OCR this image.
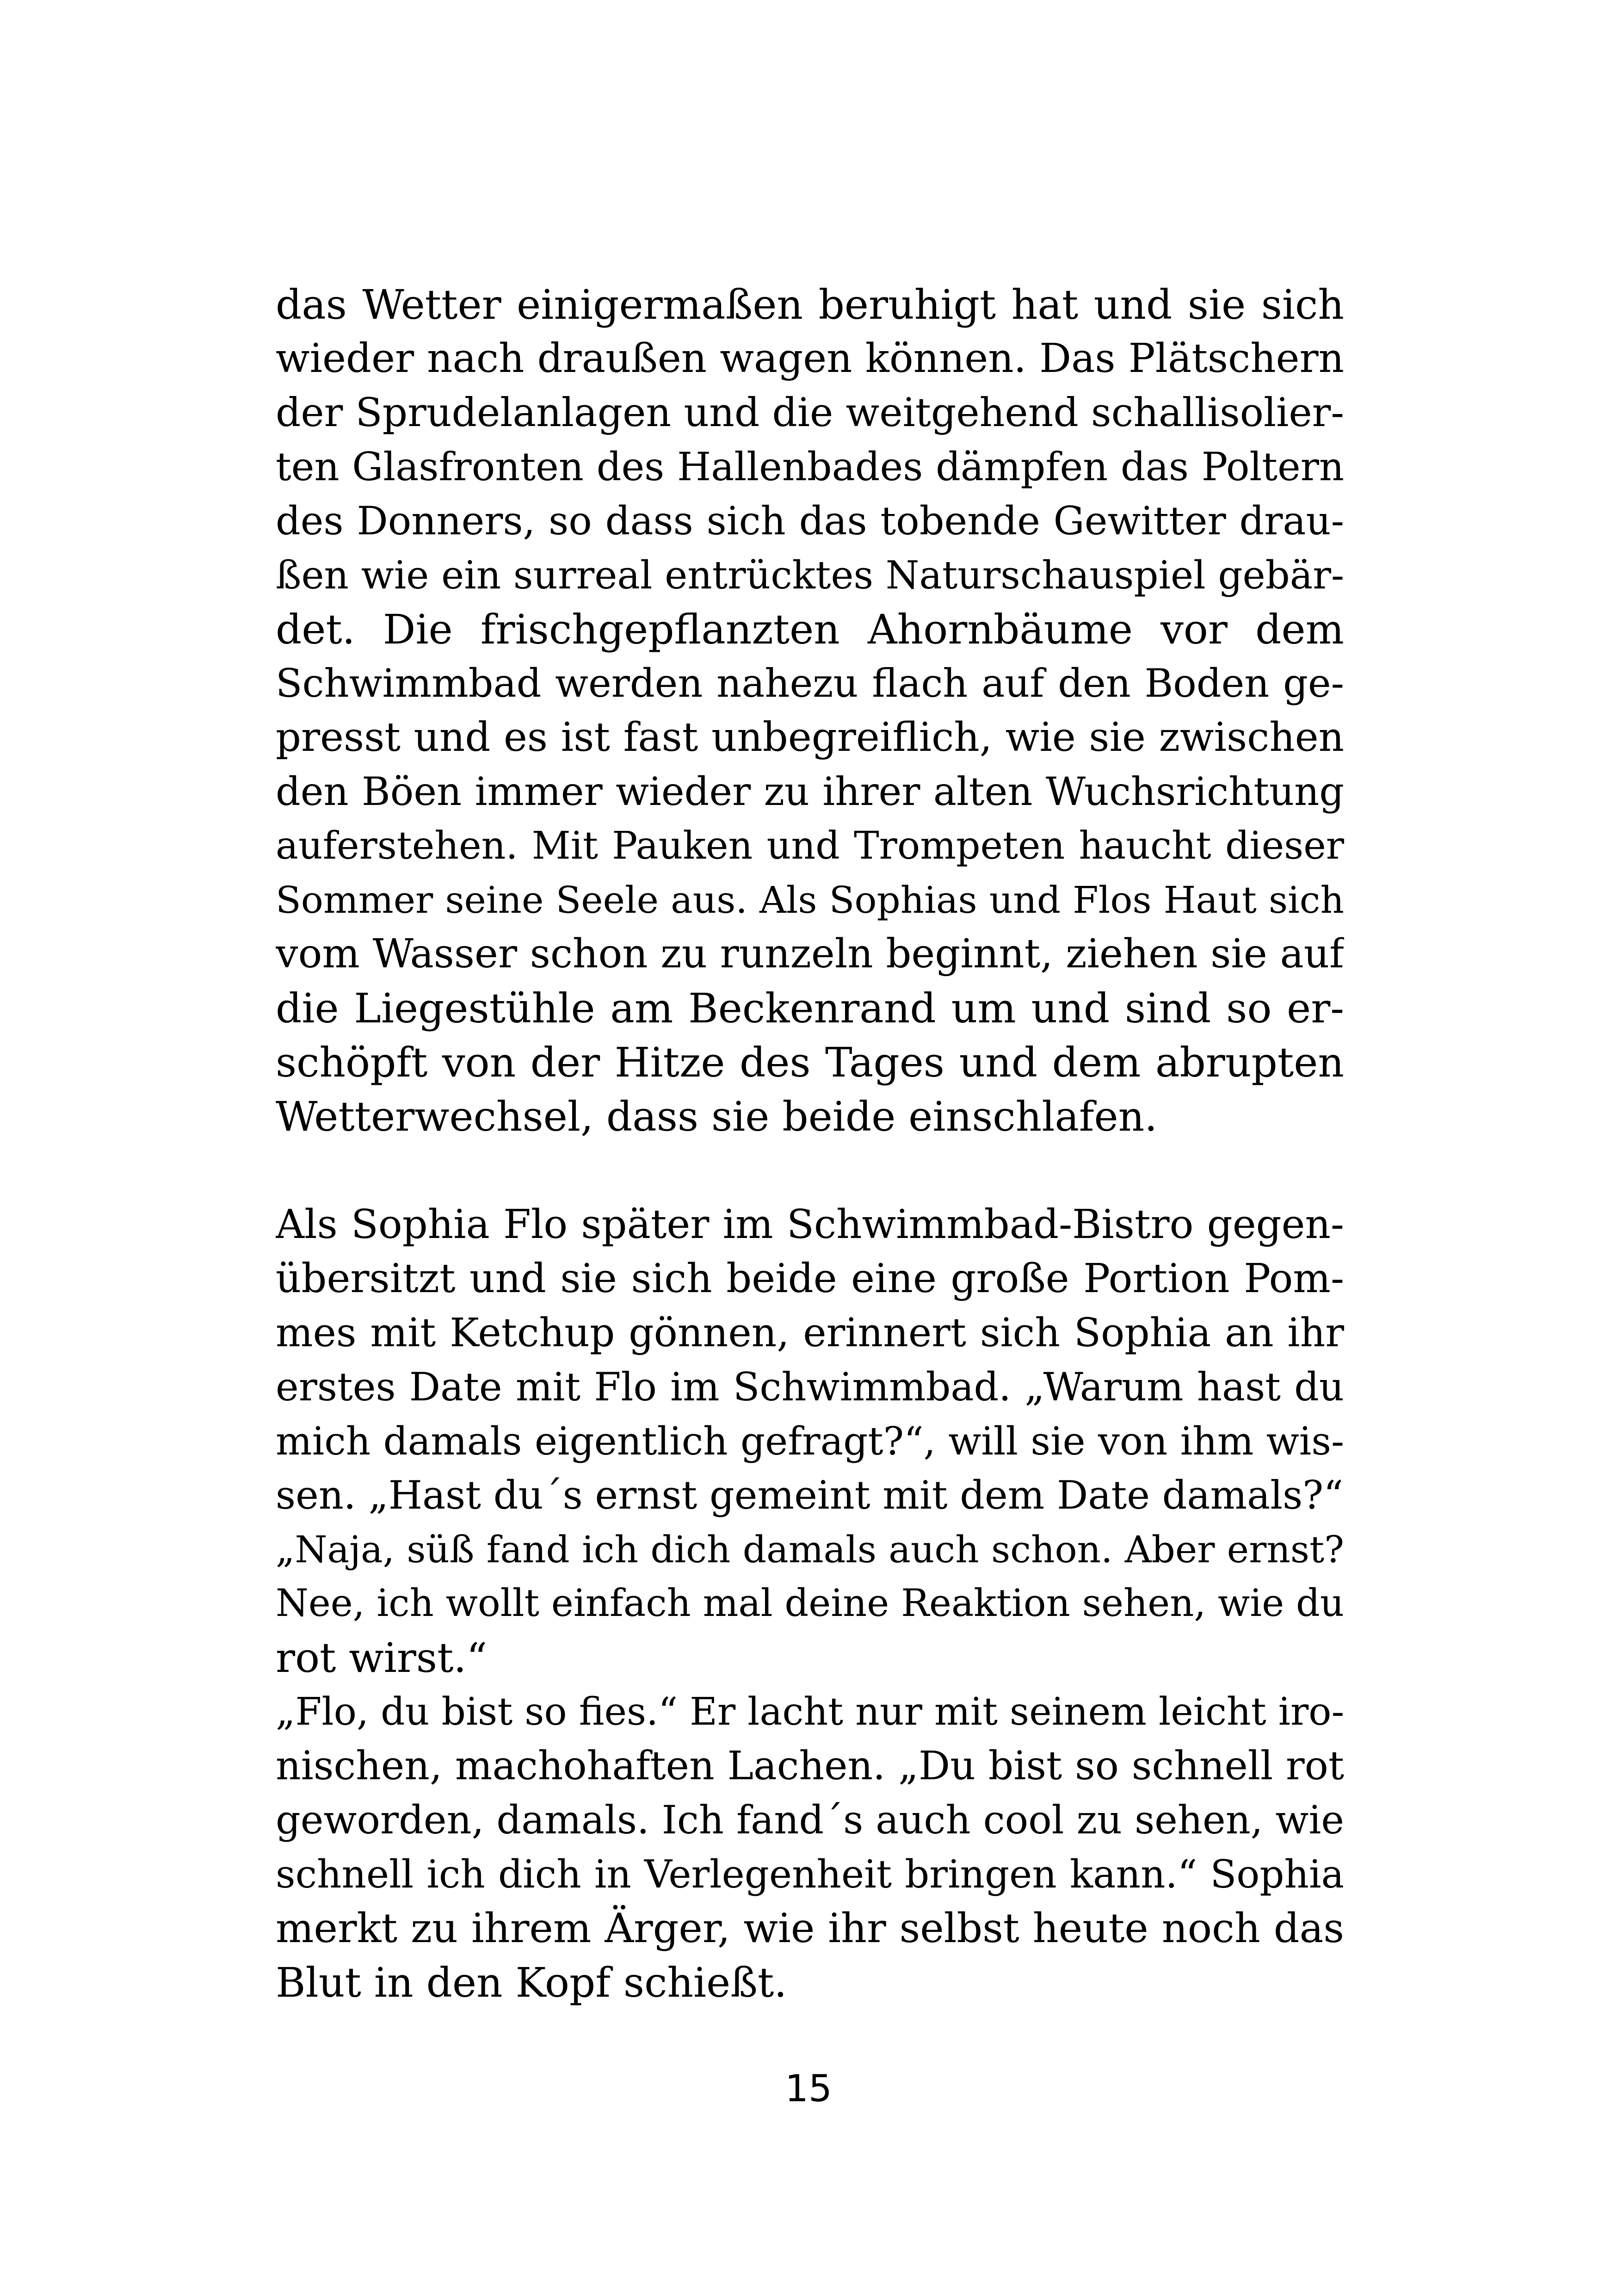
das Wetter einigermaßen beruhigt hat und sie sich
wieder nach draußen wagen können. Das Plätschern
der Sprudelanlagen und die weitgehend schallisolier-
ten Glasfronten des Hallenbades dämpfen das Poltern
des Donners, so dass sich das tobende Gewitter drau-
ßen wie ein surreal entrücktes Naturschauspiel gebär-
det. Die frischgepflanzten Ahornbäume vor dem
Schwimmbad werden nahezu flach auf den Boden ge-
presst und es ist fast unbegreiflich, wie sie zwischen
den Böen immer wieder zu ihrer alten Wuchsrichtung
auferstehen. Mit Pauken und Trompeten haucht dieser
Sommer seine Seele aus. Als Sophias und Flos Haut sich
vom Wasser schon zu runzeln beginnt, ziehen sie auf
die Liegestühle am Beckenrand um und sind so er-
schöpft von der Hitze des Tages und dem abrupten
Wetterwechsel, dass sie beide einschlafen.
Als Sophia Flo später im Schwimmbad-Bistro gegen-
übersitzt und sie sich beide eine große Portion Pom-
mes mit Ketchup gönnen, erinnert sich Sophia an ihr
erstes Date mit Flo im Schwimmbad. „Warum hast du
mich damals eigentlich gefragt?“, will sie von ihm wis-
sen. „Hast du´s ernst gemeint mit dem Date damals?“
„Naja, süß fand ich dich damals auch schon. Aber ernst?
Nee, ich wollt einfach mal deine Reaktion sehen, wie du
rot wirst.“
„Flo, du bist so fies.“ Er lacht nur mit seinem leicht iro-
nischen, machohaften Lachen. „Du bist so schnell rot
geworden, damals. Ich fand´s auch cool zu sehen, wie
schnell ich dich in Verlegenheit bringen kann.“ Sophia
merkt zu ihrem Ärger, wie ihr selbst heute noch das
Blut in den Kopf schießt.
15
